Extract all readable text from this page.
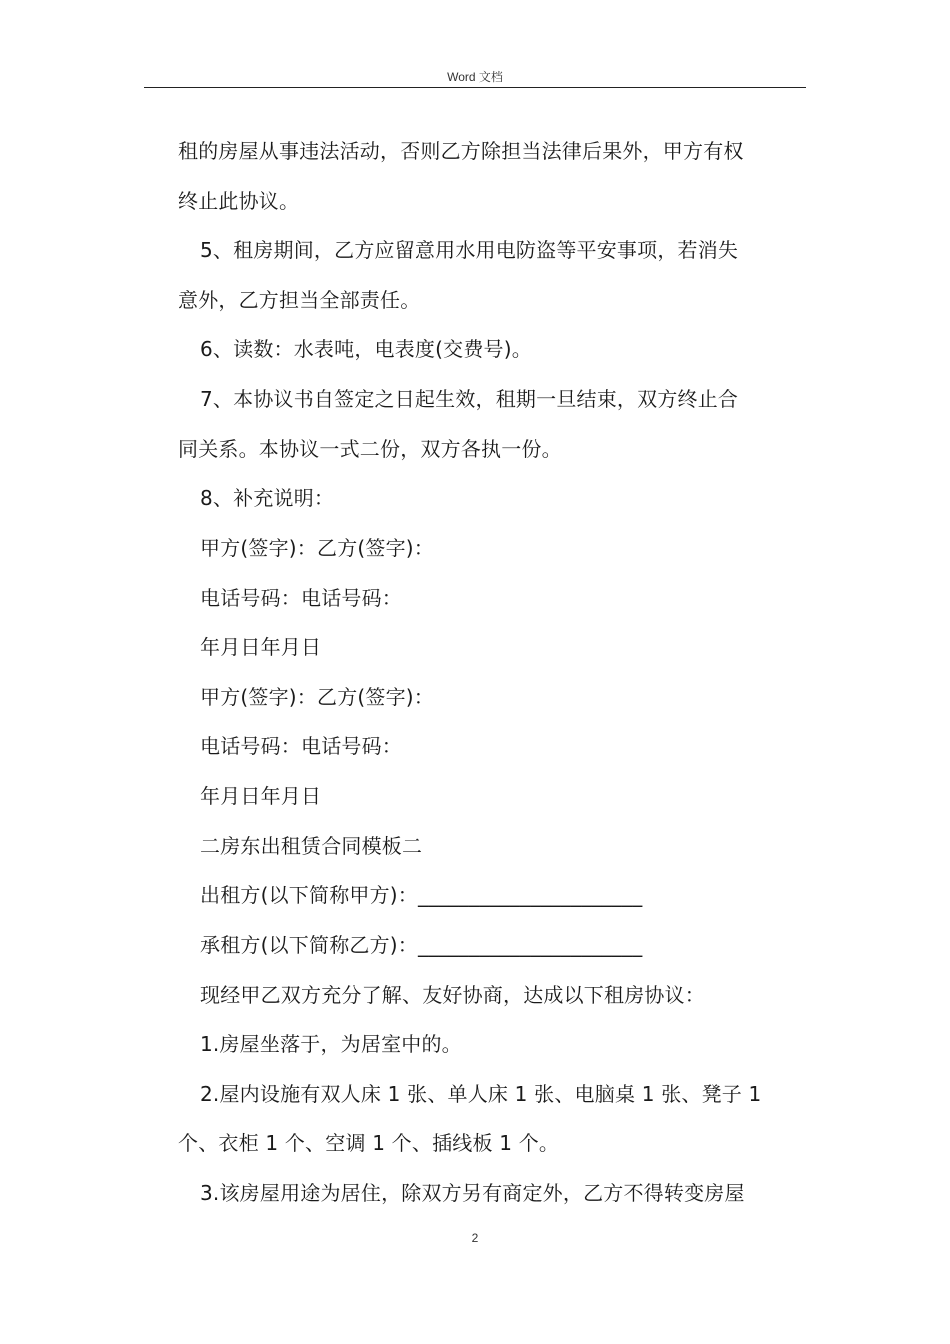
Word 文档
租的房屋从事违法活动，否则乙方除担当法律后果外，甲方有权
终止此协议。
5、租房期间，乙方应留意用水用电防盗等平安事项，若消失
意外，乙方担当全部责任。
6、读数：水表吨，电表度(交费号)。
7、本协议书自签定之日起生效，租期一旦结束，双方终止合
同关系。本协议一式二份，双方各执一份。
8、补充说明：
甲方(签字)：乙方(签字)：
电话号码：电话号码：
年月日年月日
甲方(签字)：乙方(签字)：
电话号码：电话号码：
年月日年月日
二房东出租赁合同模板二
出租方(以下简称甲方)：______________________
承租方(以下简称乙方)：______________________
现经甲乙双方充分了解、友好协商，达成以下租房协议：
1.房屋坐落于，为居室中的。
2.屋内设施有双人床 1 张、单人床 1 张、电脑桌 1 张、凳子 1
个、衣柜 1 个、空调 1 个、插线板 1 个。
3.该房屋用途为居住，除双方另有商定外，乙方不得转变房屋
2
